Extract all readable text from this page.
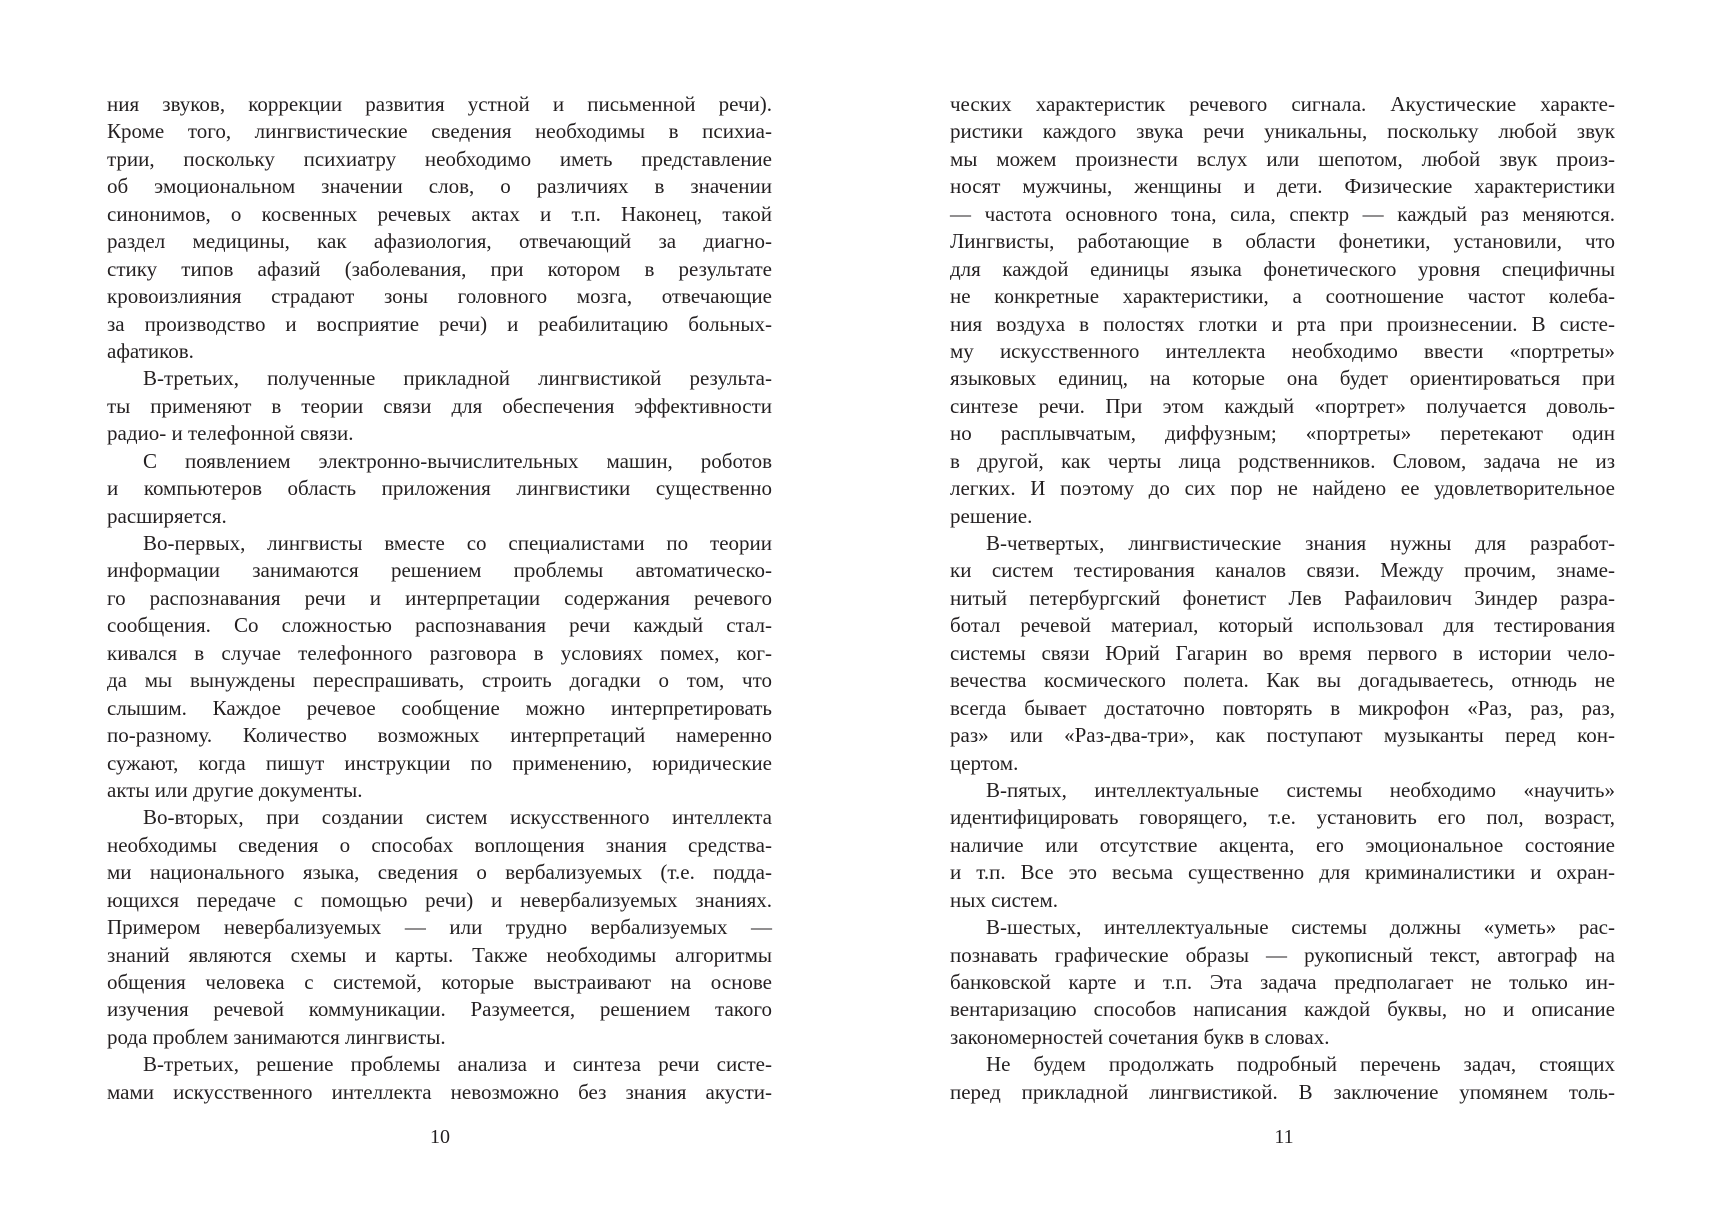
ния звуков, коррекции развития устной и письменной речи).
Кроме того, лингвистические сведения необходимы в психиа-
трии, поскольку психиатру необходимо иметь представление
об эмоциональном значении слов, о различиях в значении
синонимов, о косвенных речевых актах и т.п. Наконец, такой
раздел медицины, как афазиология, отвечающий за диагно-
стику типов афазий (заболевания, при котором в результате
кровоизлияния страдают зоны головного мозга, отвечающие
за производство и восприятие речи) и реабилитацию больных-
афатиков.
В-третьих, полученные прикладной лингвистикой результа-
ты применяют в теории связи для обеспечения эффективности
радио- и телефонной связи.
С появлением электронно-вычислительных машин, роботов
и компьютеров область приложения лингвистики существенно
расширяется.
Во-первых, лингвисты вместе со специалистами по теории
информации занимаются решением проблемы автоматическо-
го распознавания речи и интерпретации содержания речевого
сообщения. Со сложностью распознавания речи каждый стал-
кивался в случае телефонного разговора в условиях помех, ког-
да мы вынуждены переспрашивать, строить догадки о том, что
слышим. Каждое речевое сообщение можно интерпретировать
по-разному. Количество возможных интерпретаций намеренно
сужают, когда пишут инструкции по применению, юридические
акты или другие документы.
Во-вторых, при создании систем искусственного интеллекта
необходимы сведения о способах воплощения знания средства-
ми национального языка, сведения о вербализуемых (т.е. подда-
ющихся передаче с помощью речи) и невербализуемых знаниях.
Примером невербализуемых — или трудно вербализуемых —
знаний являются схемы и карты. Также необходимы алгоритмы
общения человека с системой, которые выстраивают на основе
изучения речевой коммуникации. Разумеется, решением такого
рода проблем занимаются лингвисты.
В-третьих, решение проблемы анализа и синтеза речи систе-
мами искусственного интеллекта невозможно без знания акусти-
10
ческих характеристик речевого сигнала. Акустические характе-
ристики каждого звука речи уникальны, поскольку любой звук
мы можем произнести вслух или шепотом, любой звук произ-
носят мужчины, женщины и дети. Физические характеристики
— частота основного тона, сила, спектр — каждый раз меняются.
Лингвисты, работающие в области фонетики, установили, что
для каждой единицы языка фонетического уровня специфичны
не конкретные характеристики, а соотношение частот колеба-
ния воздуха в полостях глотки и рта при произнесении. В систе-
му искусственного интеллекта необходимо ввести «портреты»
языковых единиц, на которые она будет ориентироваться при
синтезе речи. При этом каждый «портрет» получается доволь-
но расплывчатым, диффузным; «портреты» перетекают один
в другой, как черты лица родственников. Словом, задача не из
легких. И поэтому до сих пор не найдено ее удовлетворительное
решение.
В-четвертых, лингвистические знания нужны для разработ-
ки систем тестирования каналов связи. Между прочим, знаме-
нитый петербургский фонетист Лев Рафаилович Зиндер разра-
ботал речевой материал, который использовал для тестирования
системы связи Юрий Гагарин во время первого в истории чело-
вечества космического полета. Как вы догадываетесь, отнюдь не
всегда бывает достаточно повторять в микрофон «Раз, раз, раз,
раз» или «Раз-два-три», как поступают музыканты перед кон-
цертом.
В-пятых, интеллектуальные системы необходимо «научить»
идентифицировать говорящего, т.е. установить его пол, возраст,
наличие или отсутствие акцента, его эмоциональное состояние
и т.п. Все это весьма существенно для криминалистики и охран-
ных систем.
В-шестых, интеллектуальные системы должны «уметь» рас-
познавать графические образы — рукописный текст, автограф на
банковской карте и т.п. Эта задача предполагает не только ин-
вентаризацию способов написания каждой буквы, но и описание
закономерностей сочетания букв в словах.
Не будем продолжать подробный перечень задач, стоящих
перед прикладной лингвистикой. В заключение упомянем толь-
11
